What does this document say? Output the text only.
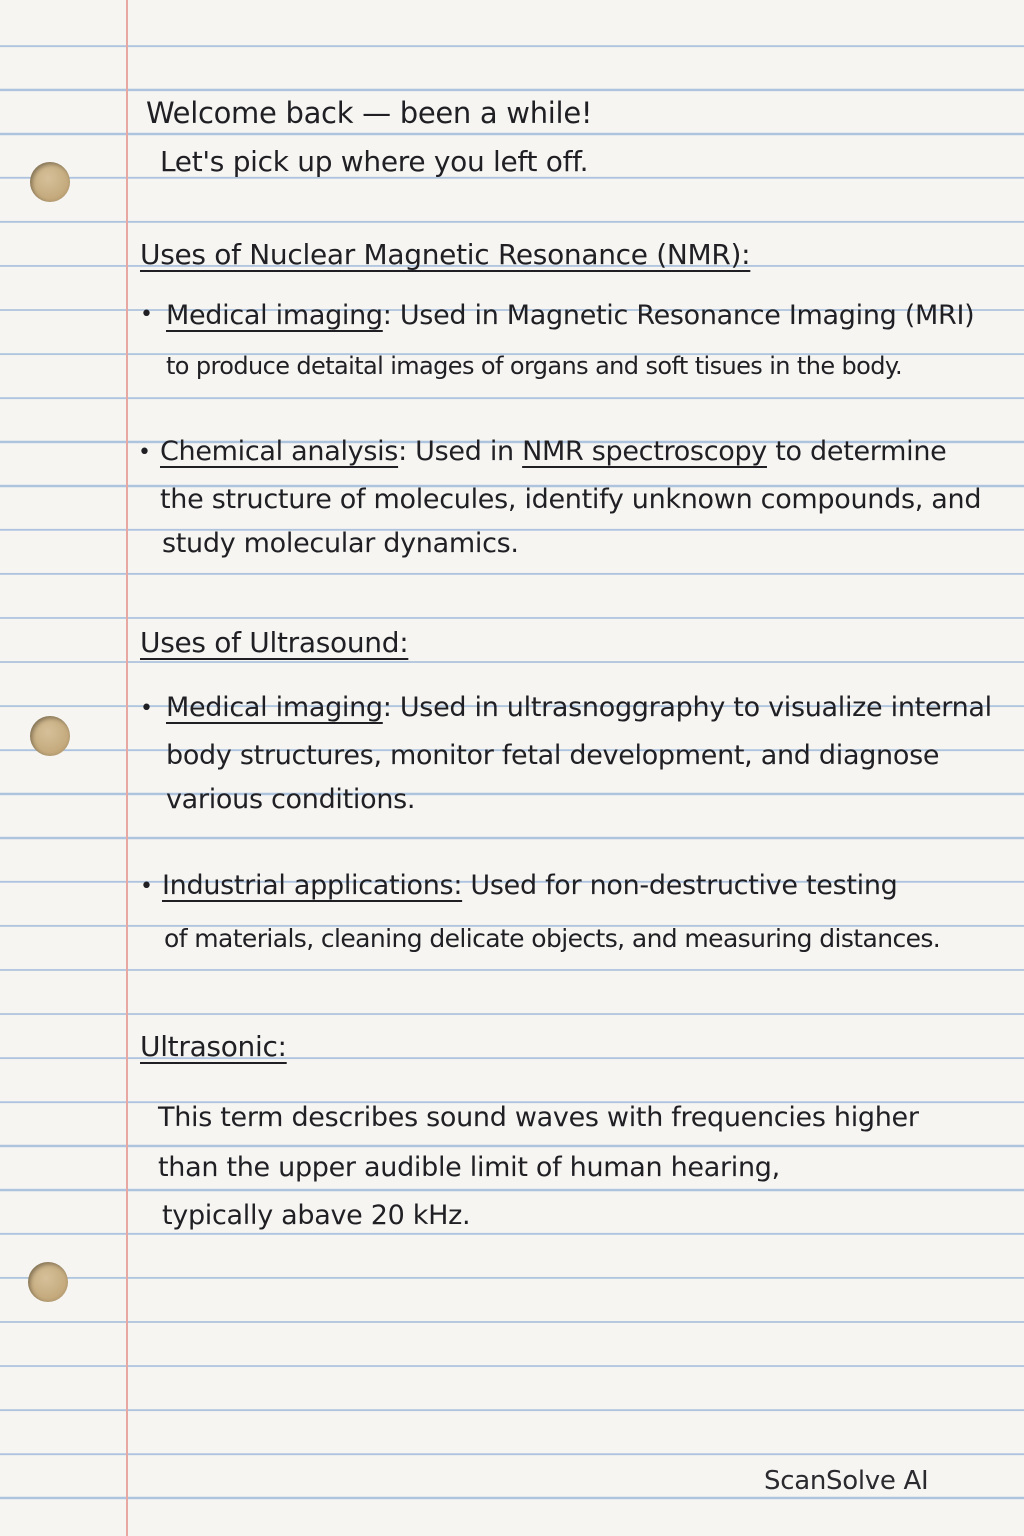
Welcome back — been a while!
Let's pick up where you left off.
Uses of Nuclear Magnetic Resonance (NMR):
• Medical imaging: Used in Magnetic Resonance Imaging (MRI)
to produce detaital images of organs and soft tisues in the body.
• Chemical analysis: Used in NMR spectroscopy to determine
the structure of molecules, identify unknown compounds, and
study molecular dynamics.
Uses of Ultrasound:
• Medical imaging: Used in ultrasnoggraphy to visualize internal
body structures, monitor fetal development, and diagnose
various conditions.
• Industrial applications: Used for non-destructive testing
of materials, cleaning delicate objects, and measuring distances.
Ultrasonic:
This term describes sound waves with frequencies higher
than the upper audible limit of human hearing,
typically abave 20 kHz.
ScanSolve AI
